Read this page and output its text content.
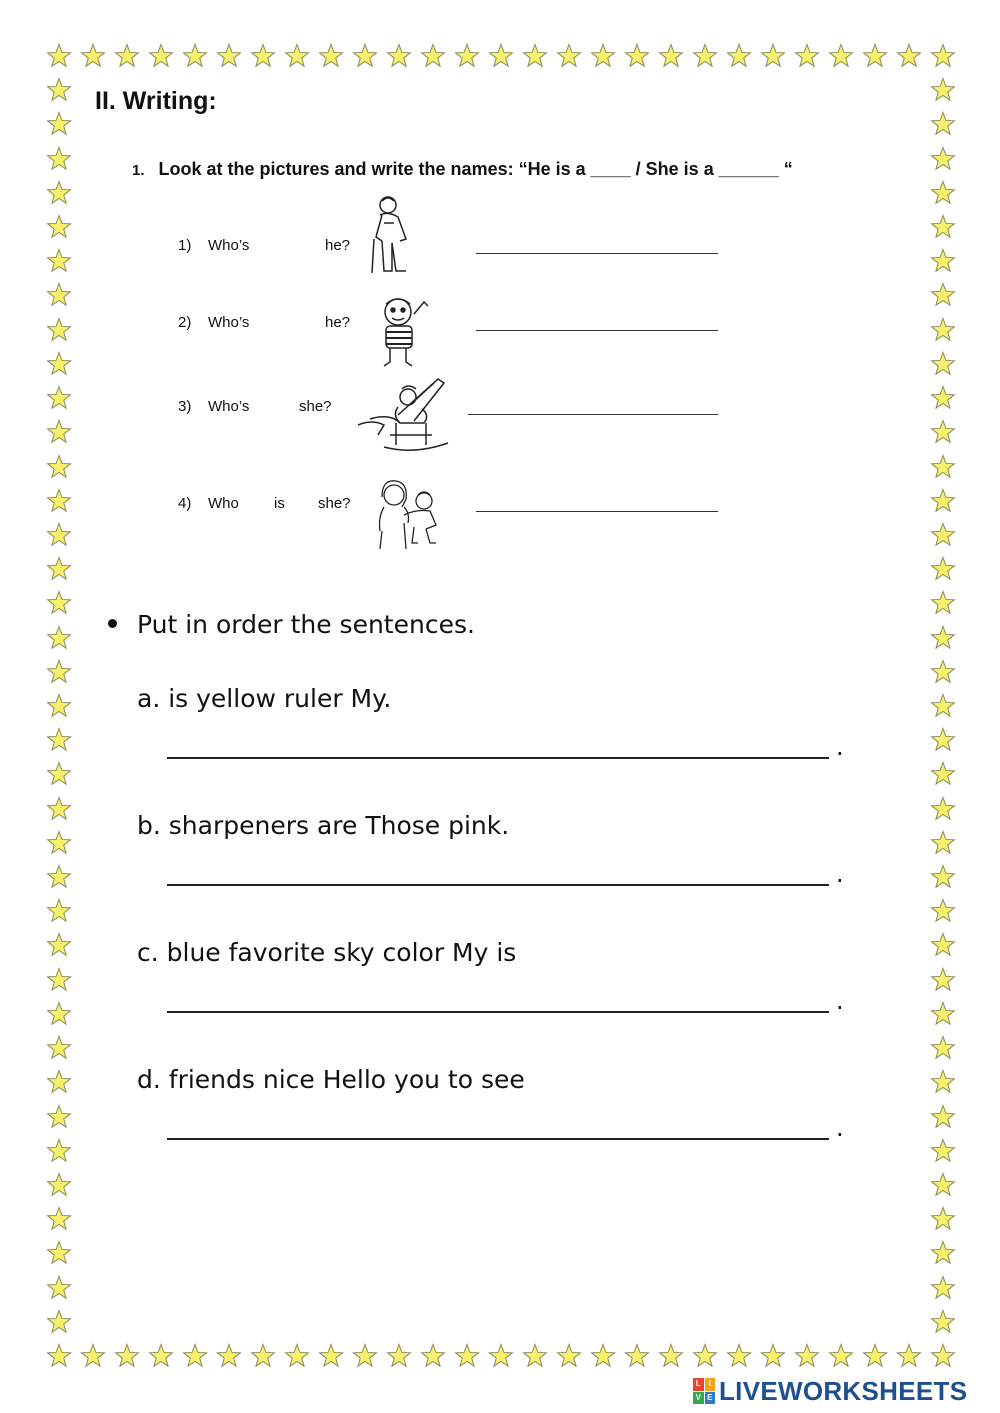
II. Writing:

1. Look at the pictures and write the names: “He is a ____ / She is a ______ “

1) Who’s	he?
2) Who’s	he?
3) Who’s	she?
4) Who is she?

Put in order the sentences.

a. is yellow ruler My.

.

b. sharpeners are Those pink.

.

c. blue favorite sky color My is

.

d. friends nice Hello you to see

.
L I
V E LIVEWORKSHEETS
